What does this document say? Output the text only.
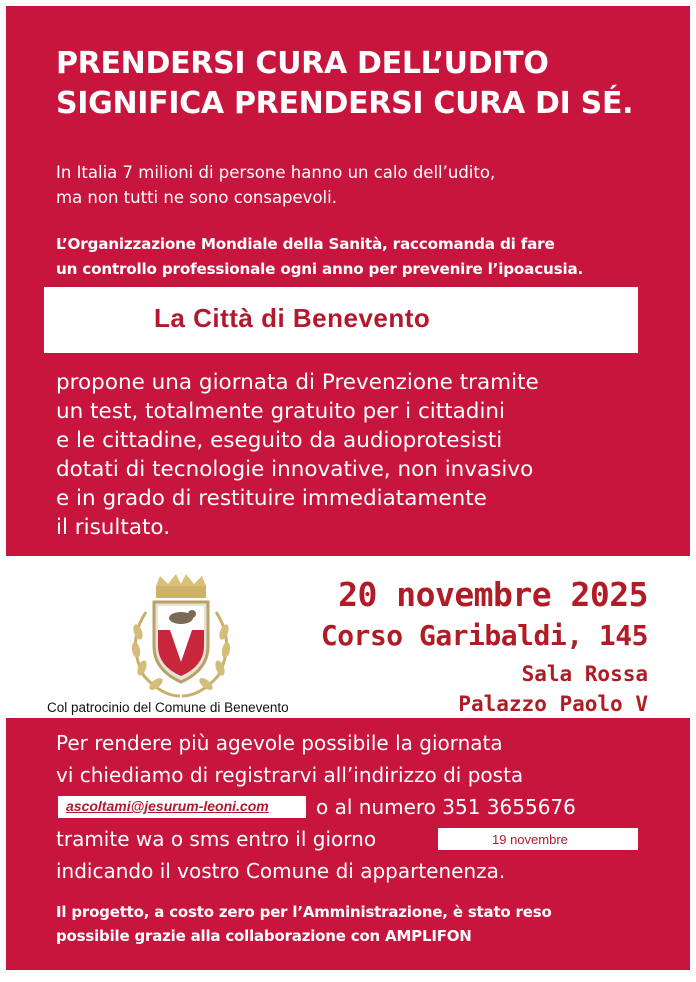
PRENDERSI CURA DELL’UDITO
SIGNIFICA PRENDERSI CURA DI SÉ.

In Italia 7 milioni di persone hanno un calo dell’udito,
ma non tutti ne sono consapevoli.

L’Organizzazione Mondiale della Sanità, raccomanda di fare
un controllo professionale ogni anno per prevenire l’ipoacusia.

La Città di Benevento

propone una giornata di Prevenzione tramite
un test, totalmente gratuito per i cittadini
e le cittadine, eseguito da audioprotesisti
dotati di tecnologie innovative, non invasivo
e in grado di restituire immediatamente
il risultato.

Col patrocinio del Comune di Benevento
20 novembre 2025
Corso Garibaldi, 145
Sala Rossa
Palazzo Paolo V
Per rendere più agevole possibile la giornata
vi chiediamo di registrarvi all’indirizzo di posta
ascoltami@jesurum-leoni.com o al numero 351 3655676
tramite wa o sms entro il giorno	19 novembre
indicando il vostro Comune di appartenenza.

Il progetto, a costo zero per l’Amministrazione, è stato reso
possibile grazie alla collaborazione con AMPLIFON
